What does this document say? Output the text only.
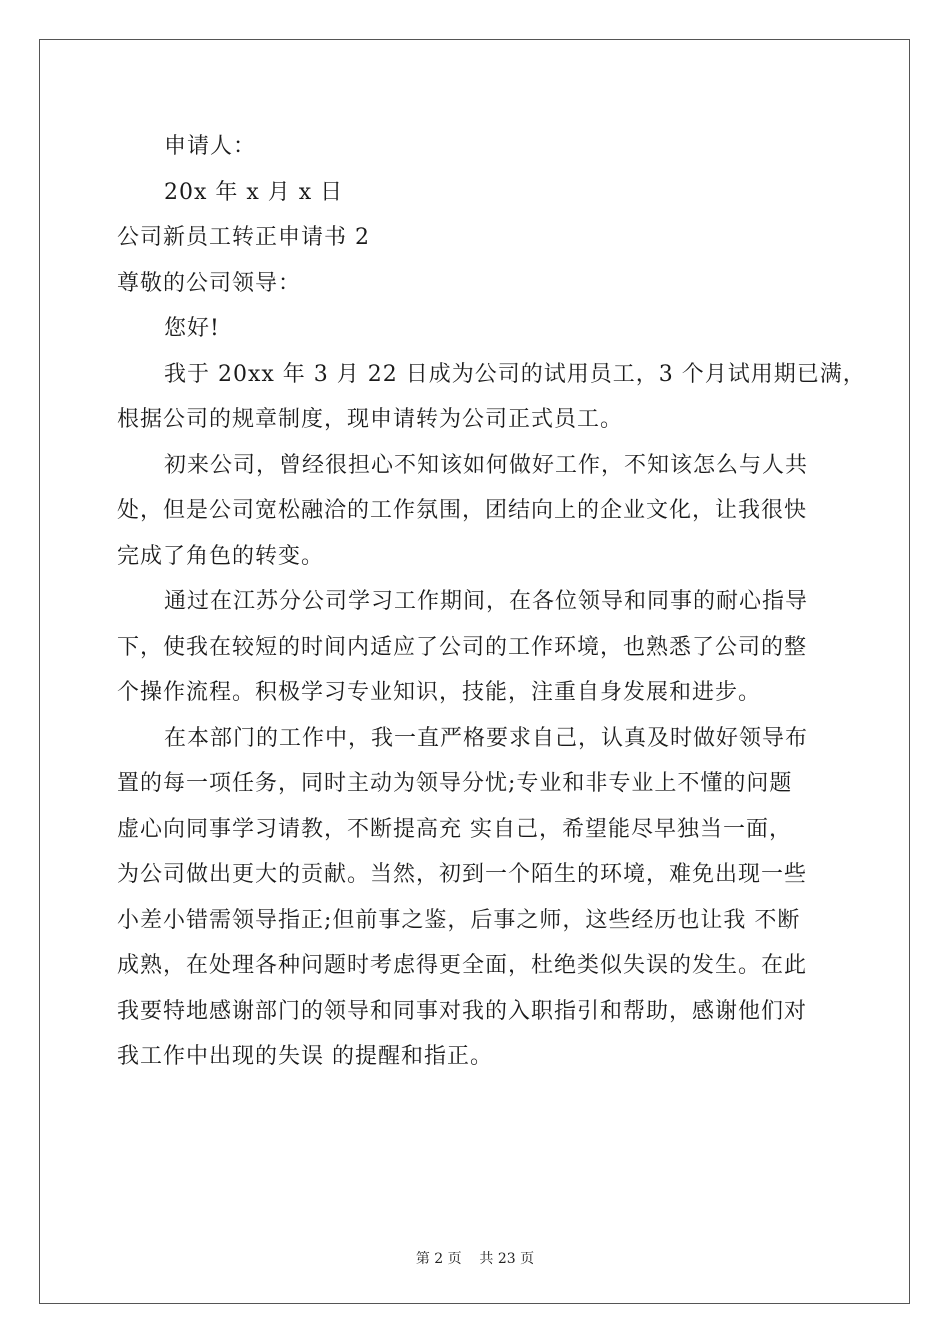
申请人：
20x 年 x 月 x 日
公司新员工转正申请书 2
尊敬的公司领导：
您好!
我于 20xx 年 3 月 22 日成为公司的试用员工，3 个月试用期已满，
根据公司的规章制度，现申请转为公司正式员工。
初来公司，曾经很担心不知该如何做好工作，不知该怎么与人共
处，但是公司宽松融洽的工作氛围，团结向上的企业文化，让我很快
完成了角色的转变。
通过在江苏分公司学习工作期间，在各位领导和同事的耐心指导
下，使我在较短的时间内适应了公司的工作环境，也熟悉了公司的整
个操作流程。积极学习专业知识，技能，注重自身发展和进步。
在本部门的工作中，我一直严格要求自己，认真及时做好领导布
置的每一项任务，同时主动为领导分忧;专业和非专业上不懂的问题
虚心向同事学习请教，不断提高充 实自己，希望能尽早独当一面，
为公司做出更大的贡献。当然，初到一个陌生的环境，难免出现一些
小差小错需领导指正;但前事之鉴，后事之师，这些经历也让我 不断
成熟，在处理各种问题时考虑得更全面，杜绝类似失误的发生。在此
我要特地感谢部门的领导和同事对我的入职指引和帮助，感谢他们对
我工作中出现的失误 的提醒和指正。
第 2 页    共 23 页
